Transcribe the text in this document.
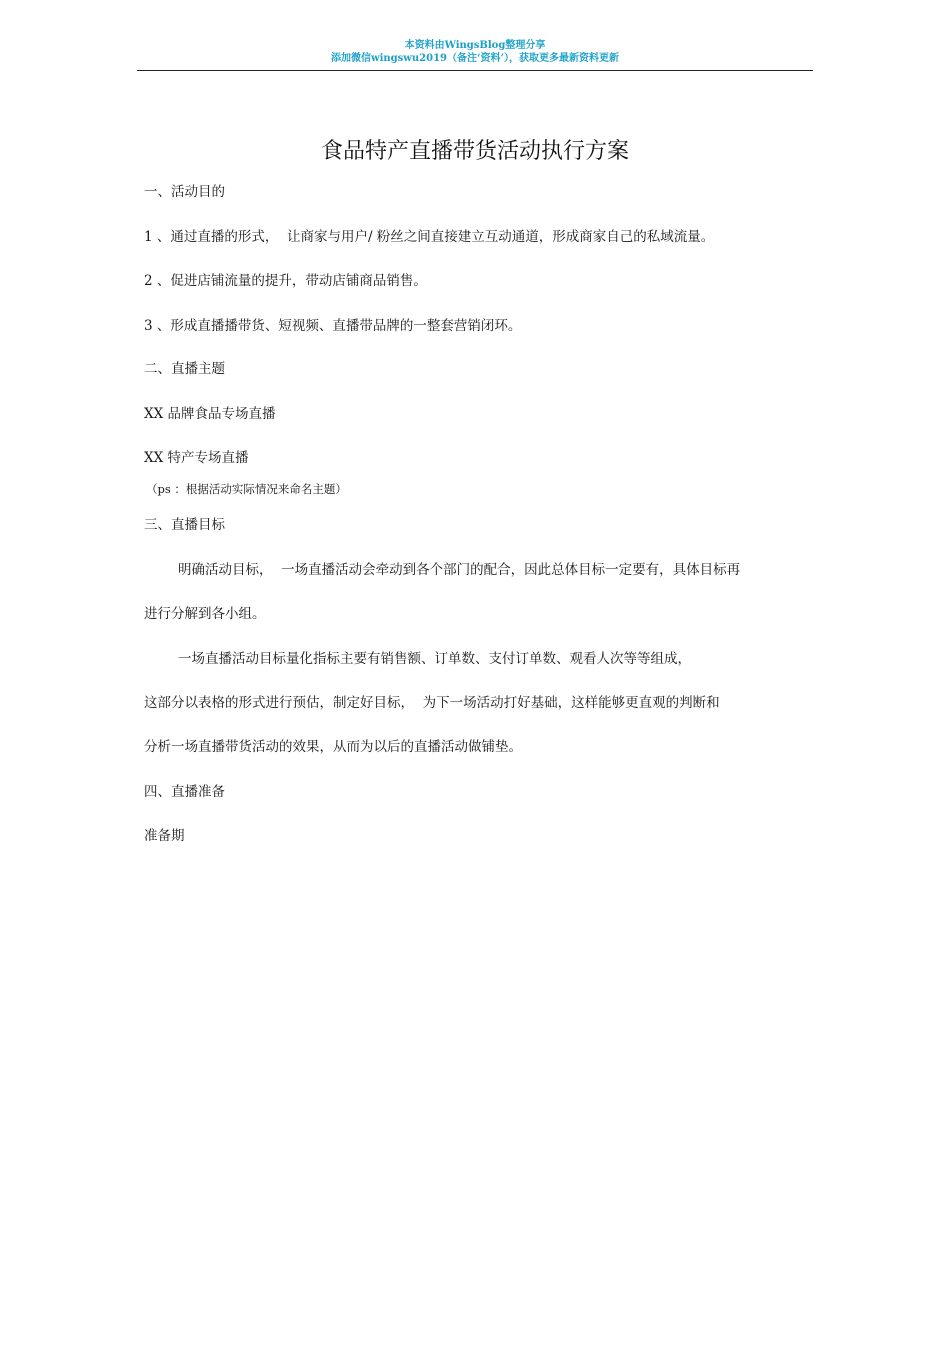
本资料由WingsBlog整理分享
添加微信wingswu2019（备注‘资料’），获取更多最新资料更新
食品特产直播带货活动执行方案
一、活动目的
1 、通过直播的形式，  让商家与用户/ 粉丝之间直接建立互动通道，形成商家自己的私域流量。
2 、促进店铺流量的提升，带动店铺商品销售。
3 、形成直播播带货、短视频、直播带品牌的一整套营销闭环。
二、直播主题
XX 品牌食品专场直播
XX 特产专场直播
（ps ：根据活动实际情况来命名主题）
三、直播目标
明确活动目标，  一场直播活动会牵动到各个部门的配合，因此总体目标一定要有，具体目标再
进行分解到各小组。
一场直播活动目标量化指标主要有销售额、订单数、支付订单数、观看人次等等组成，
这部分以表格的形式进行预估，制定好目标，  为下一场活动打好基础，这样能够更直观的判断和
分析一场直播带货活动的效果，从而为以后的直播活动做铺垫。
四、直播准备
准备期
